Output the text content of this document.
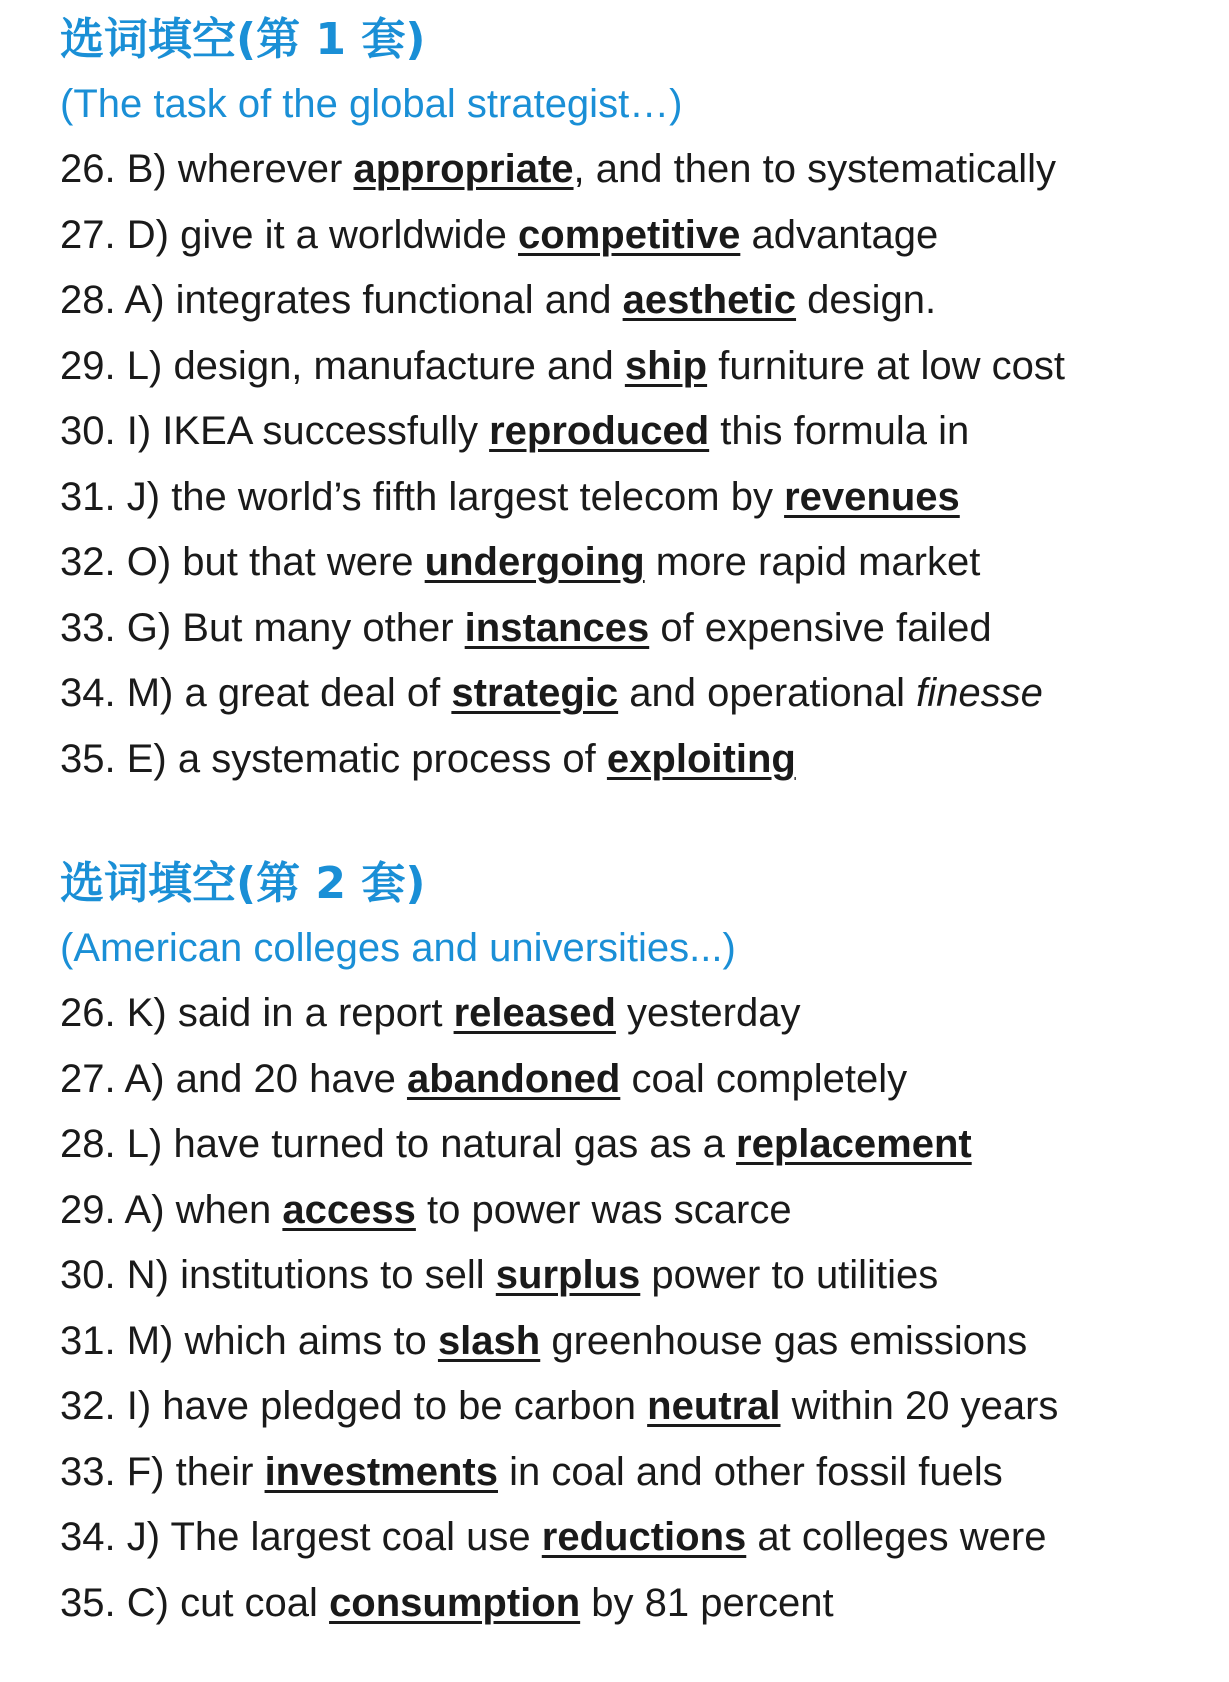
选词填空(第 1 套)
(The task of the global strategist…)
26. B) wherever appropriate, and then to systematically
27. D) give it a worldwide competitive advantage
28. A) integrates functional and aesthetic design.
29. L) design, manufacture and ship furniture at low cost
30. I) IKEA successfully reproduced this formula in
31. J) the world’s fifth largest telecom by revenues
32. O) but that were undergoing more rapid market
33. G) But many other instances of expensive failed
34. M) a great deal of strategic and operational finesse
35. E) a systematic process of exploiting
选词填空(第 2 套)
(American colleges and universities...)
26. K) said in a report released yesterday
27. A) and 20 have abandoned coal completely
28. L) have turned to natural gas as a replacement
29. A) when access to power was scarce
30. N) institutions to sell surplus power to utilities
31. M) which aims to slash greenhouse gas emissions
32. I) have pledged to be carbon neutral within 20 years
33. F) their investments in coal and other fossil fuels
34. J) The largest coal use reductions at colleges were
35. C) cut coal consumption by 81 percent
